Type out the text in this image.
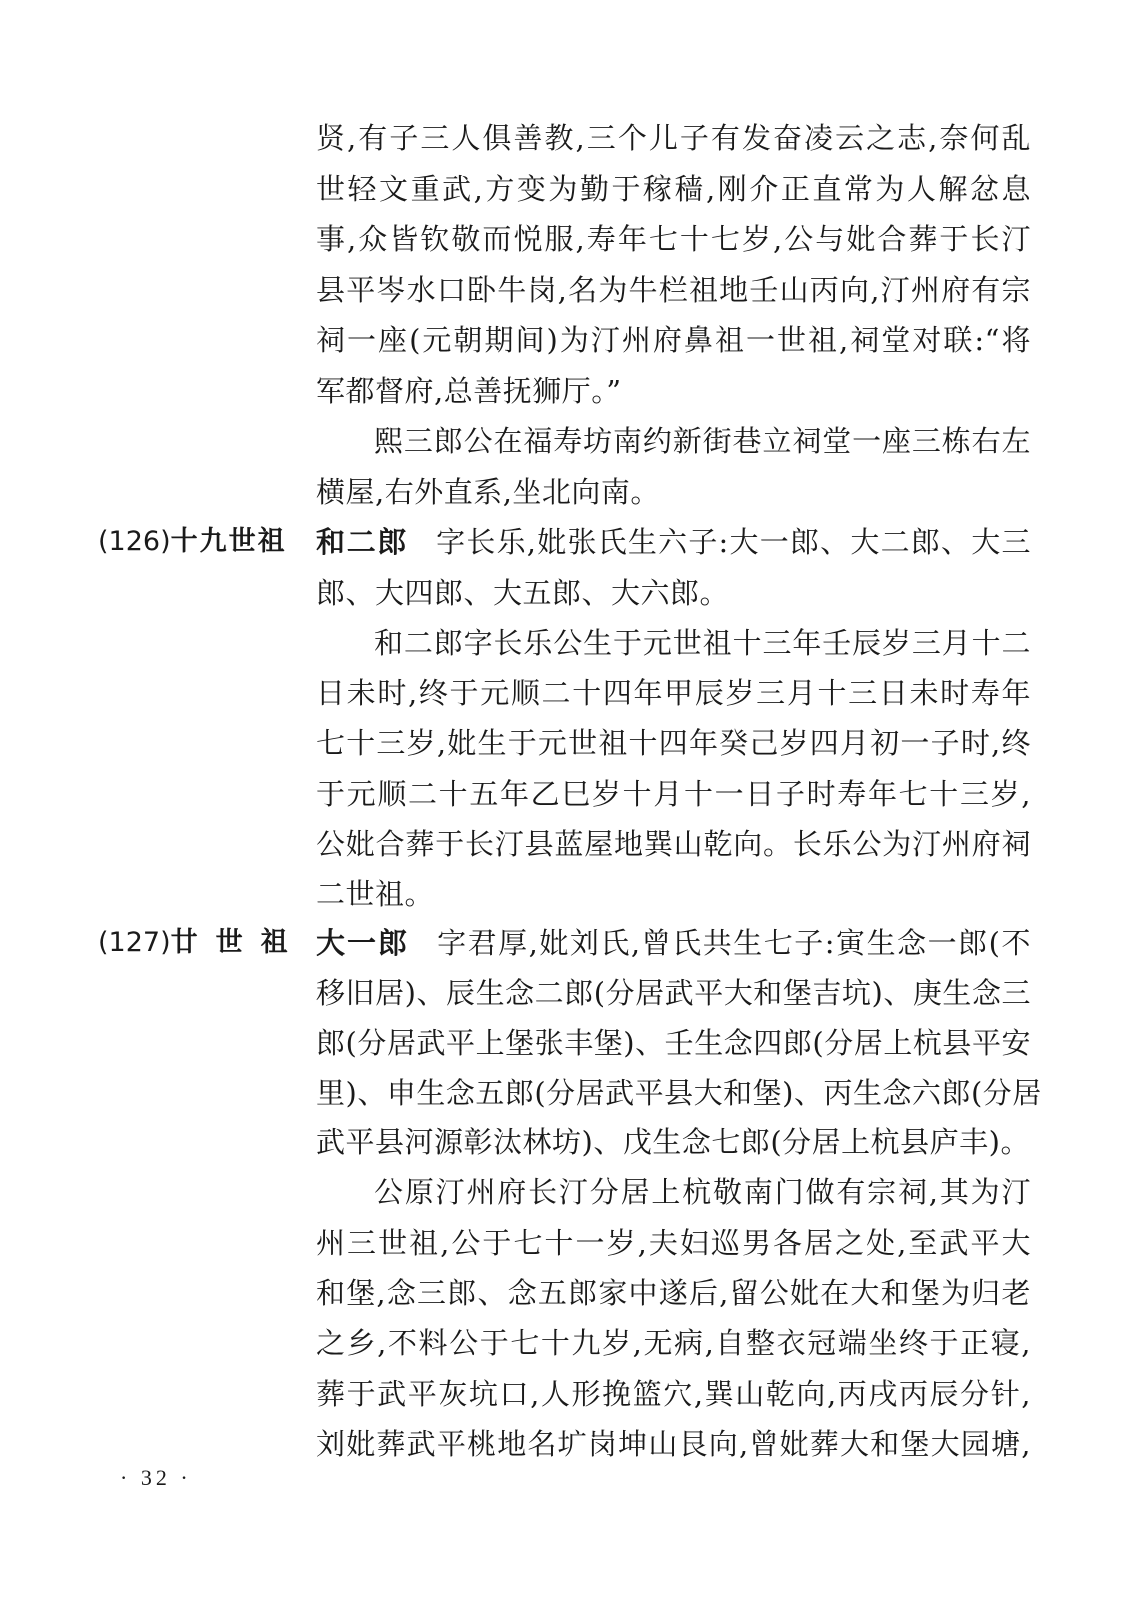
贤,有子三人俱善教,三个儿子有发奋凌云之志,奈何乱
世轻文重武,方变为勤于稼穑,刚介正直常为人解忿息
事,众皆钦敬而悦服,寿年七十七岁,公与妣合葬于长汀
县平岑水口卧牛岗,名为牛栏祖地壬山丙向,汀州府有宗
祠一座(元朝期间)为汀州府鼻祖一世祖,祠堂对联:“将
军都督府,总善抚狮厅。”
熙三郎公在福寿坊南约新街巷立祠堂一座三栋右左
横屋,右外直系,坐北向南。
(126)十九世祖 和二郎 字长乐,妣张氏生六子:大一郎、大二郎、大三
郎、大四郎、大五郎、大六郎。
和二郎字长乐公生于元世祖十三年壬辰岁三月十二
日未时,终于元顺二十四年甲辰岁三月十三日未时寿年
七十三岁,妣生于元世祖十四年癸己岁四月初一子时,终
于元顺二十五年乙巳岁十月十一日子时寿年七十三岁,
公妣合葬于长汀县蓝屋地巽山乾向。长乐公为汀州府祠
二世祖。
(127)廿世祖 大一郎 字君厚,妣刘氏,曾氏共生七子:寅生念一郎(不
移旧居)、辰生念二郎(分居武平大和堡吉坑)、庚生念三
郎(分居武平上堡张丰堡)、壬生念四郎(分居上杭县平安
里)、申生念五郎(分居武平县大和堡)、丙生念六郎(分居
武平县河源彰汰林坊)、戊生念七郎(分居上杭县庐丰)。
公原汀州府长汀分居上杭敬南门做有宗祠,其为汀
州三世祖,公于七十一岁,夫妇巡男各居之处,至武平大
和堡,念三郎、念五郎家中遂后,留公妣在大和堡为归老
之乡,不料公于七十九岁,无病,自整衣冠端坐终于正寝,
葬于武平灰坑口,人形挽篮穴,巽山乾向,丙戌丙辰分针,
刘妣葬武平桃地名圹岗坤山艮向,曾妣葬大和堡大园塘,
· 32 ·
